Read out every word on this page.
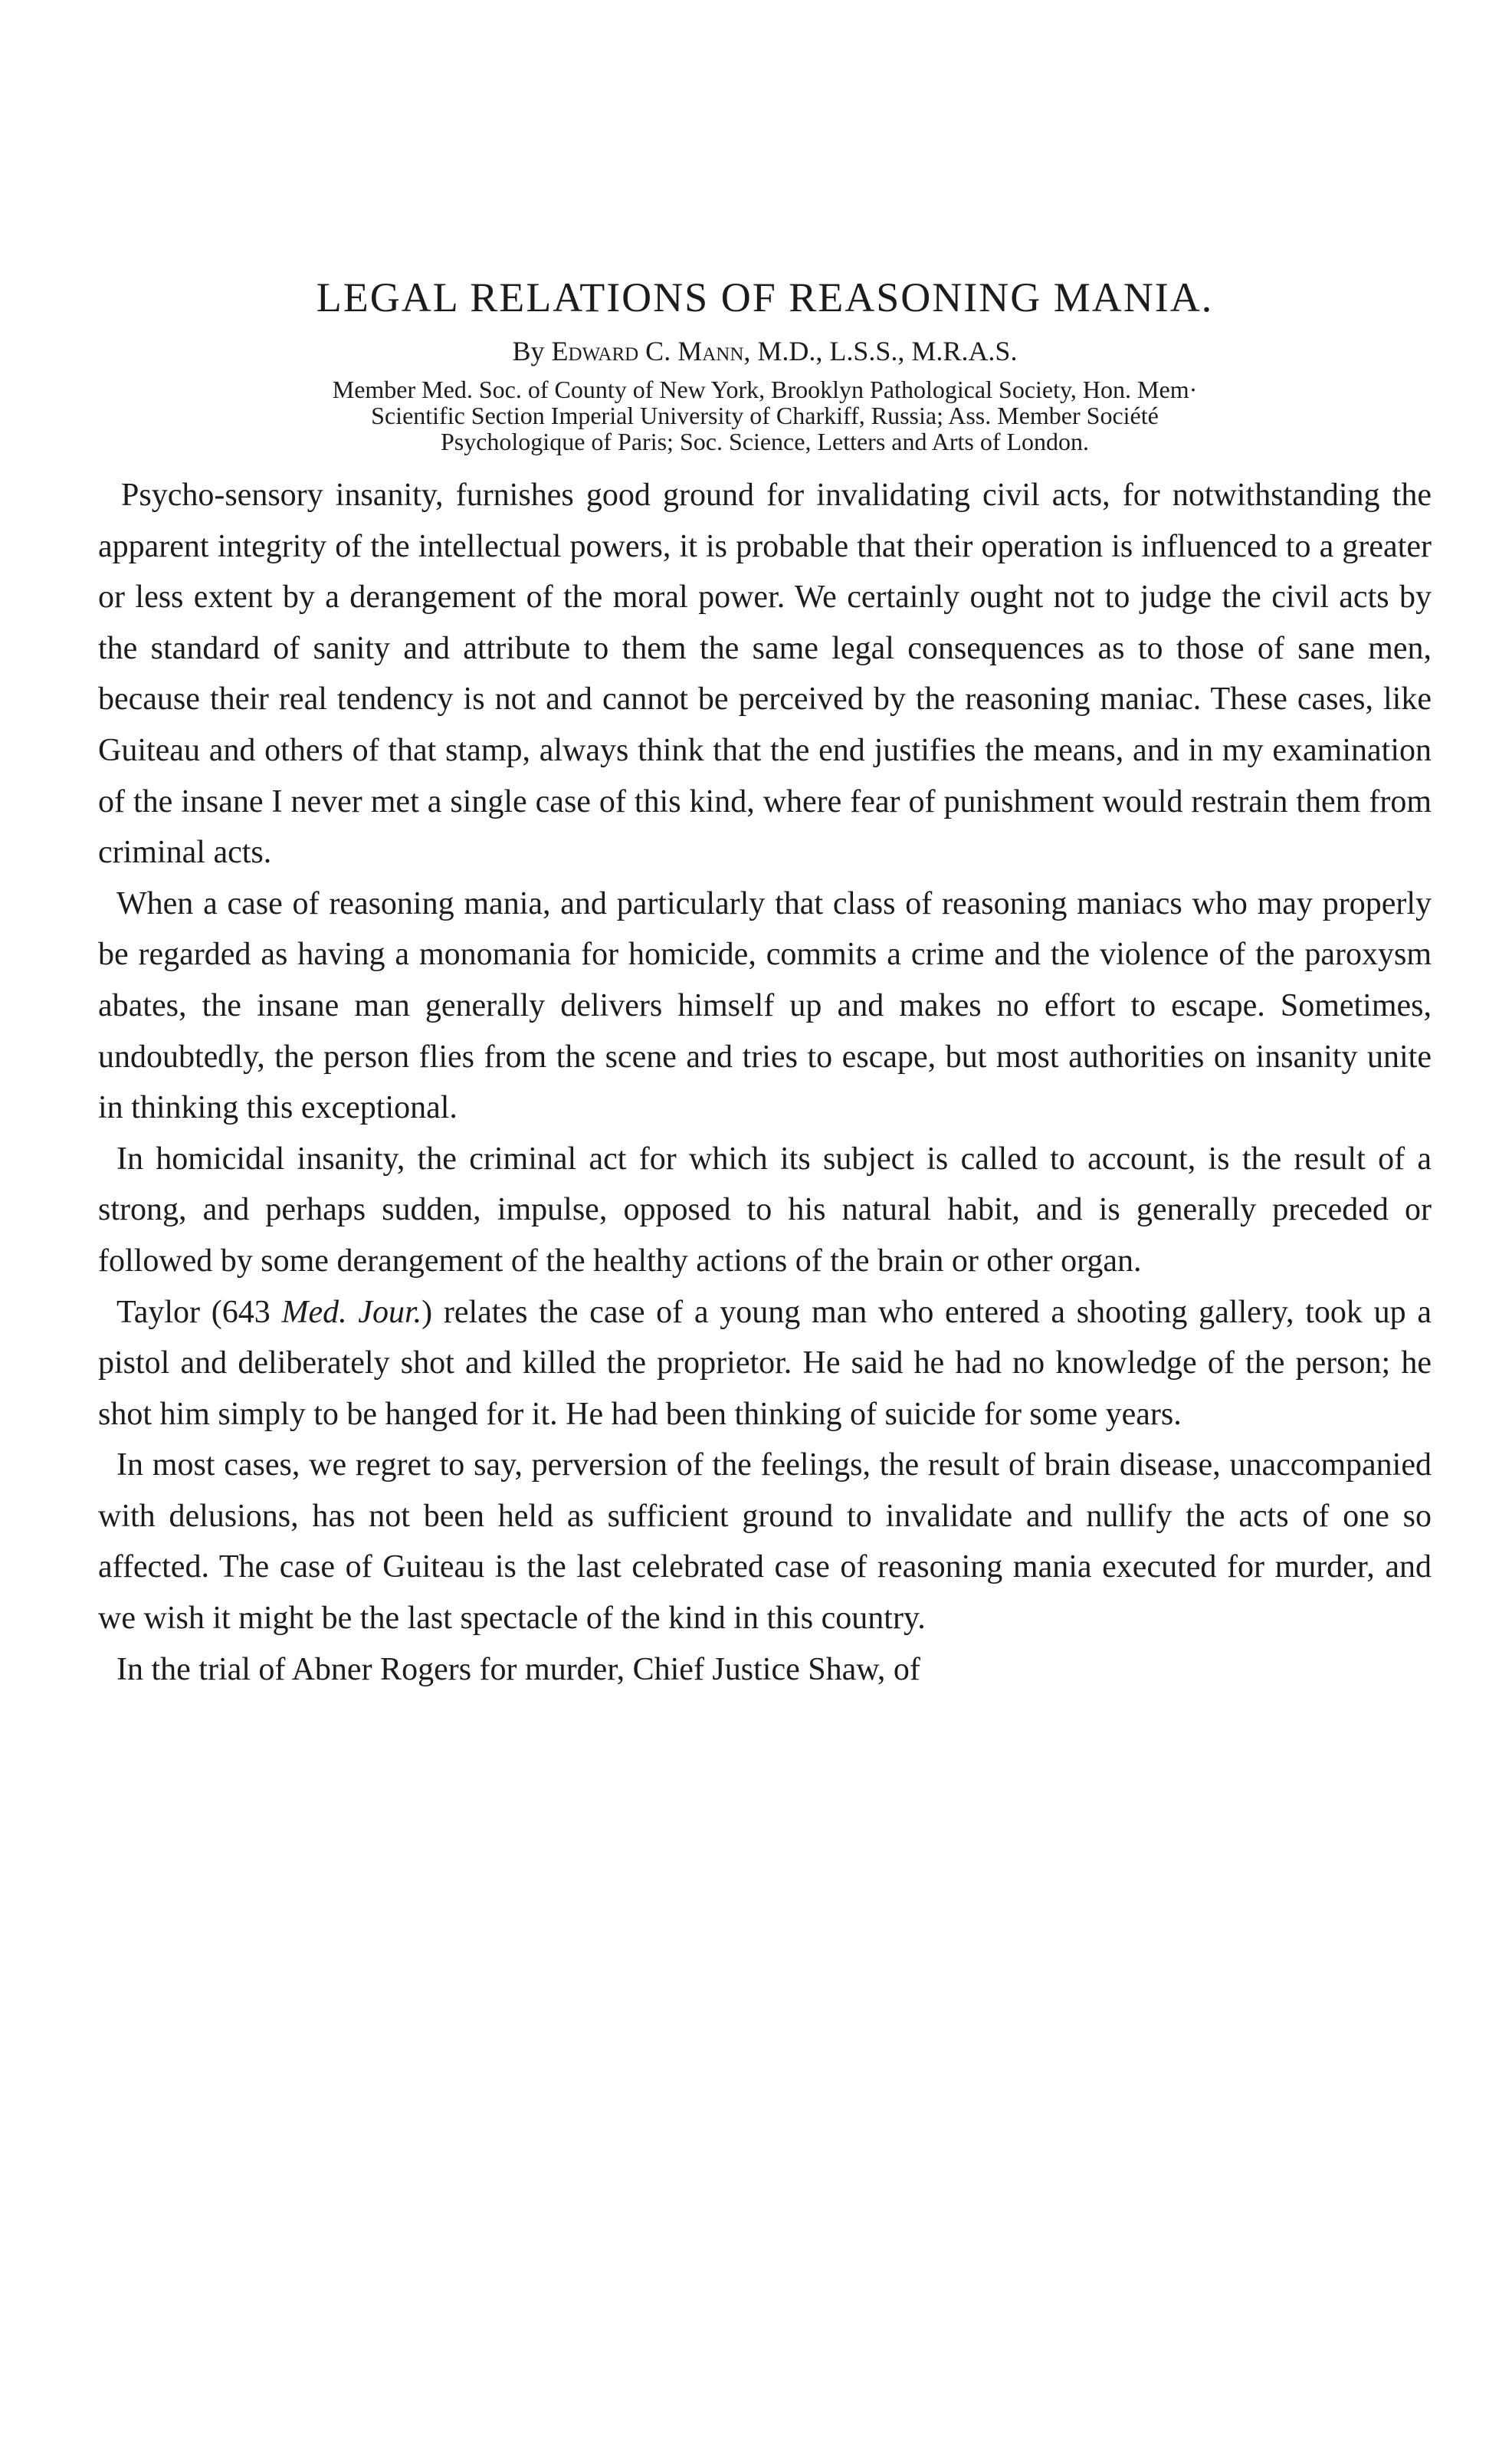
LEGAL RELATIONS OF REASONING MANIA.
By Edward C. Mann, M.D., L.S.S., M.R.A.S.
Member Med. Soc. of County of New York, Brooklyn Pathological Society, Hon. Mem·
Scientific Section Imperial University of Charkiff, Russia; Ass. Member Société
Psychologique of Paris; Soc. Science, Letters and Arts of London.

Psycho-sensory insanity, furnishes good ground for invalidating civil acts, for notwithstanding the apparent integrity of the intellectual powers, it is probable that their operation is influenced to a greater or less extent by a derangement of the moral power. We certainly ought not to judge the civil acts by the standard of sanity and attribute to them the same legal consequences as to those of sane men, because their real tendency is not and cannot be perceived by the reasoning maniac. These cases, like Guiteau and others of that stamp, always think that the end justifies the means, and in my examination of the insane I never met a single case of this kind, where fear of punishment would restrain them from criminal acts.

When a case of reasoning mania, and particularly that class of reasoning maniacs who may properly be regarded as having a monomania for homicide, commits a crime and the violence of the paroxysm abates, the insane man generally delivers himself up and makes no effort to escape. Sometimes, undoubtedly, the person flies from the scene and tries to escape, but most authorities on insanity unite in thinking this exceptional.

In homicidal insanity, the criminal act for which its subject is called to account, is the result of a strong, and perhaps sudden, impulse, opposed to his natural habit, and is generally preceded or followed by some derangement of the healthy actions of the brain or other organ.

Taylor (643 Med. Jour.) relates the case of a young man who entered a shooting gallery, took up a pistol and deliberately shot and killed the proprietor. He said he had no knowledge of the person; he shot him simply to be hanged for it. He had been thinking of suicide for some years.

In most cases, we regret to say, perversion of the feelings, the result of brain disease, unaccompanied with delusions, has not been held as sufficient ground to invalidate and nullify the acts of one so affected. The case of Guiteau is the last celebrated case of reasoning mania executed for murder, and we wish it might be the last spectacle of the kind in this country.

In the trial of Abner Rogers for murder, Chief Justice Shaw, of
